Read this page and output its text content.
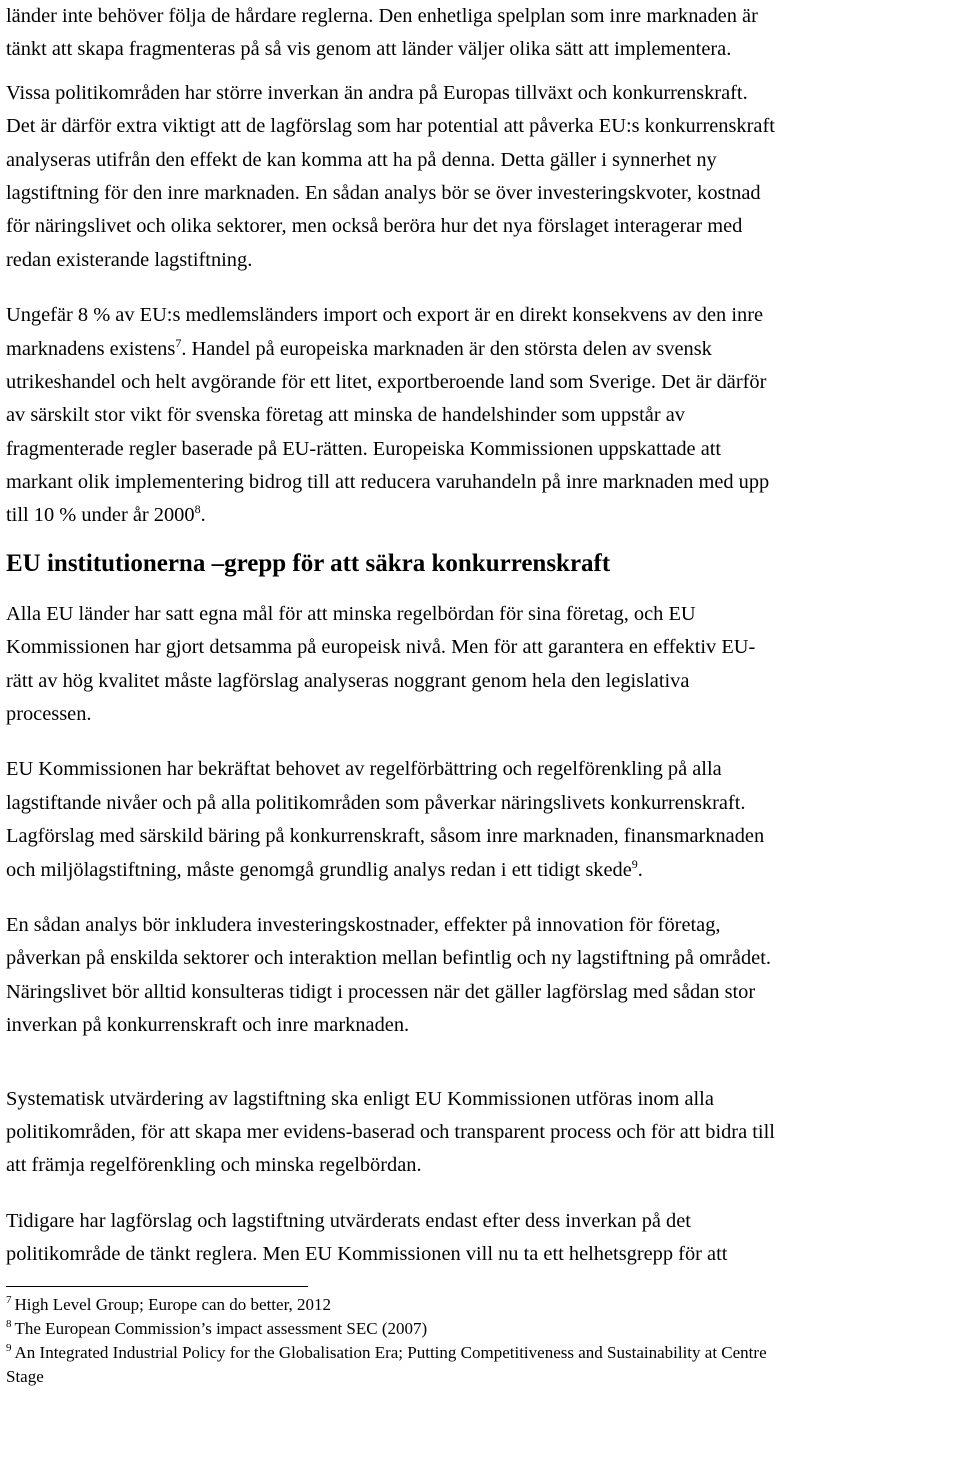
länder inte behöver följa de hårdare reglerna. Den enhetliga spelplan som inre marknaden är
tänkt att skapa fragmenteras på så vis genom att länder väljer olika sätt att implementera.
Vissa politikområden har större inverkan än andra på Europas tillväxt och konkurrenskraft.
Det är därför extra viktigt att de lagförslag som har potential att påverka EU:s konkurrenskraft
analyseras utifrån den effekt de kan komma att ha på denna. Detta gäller i synnerhet ny
lagstiftning för den inre marknaden. En sådan analys bör se över investeringskvoter, kostnad
för näringslivet och olika sektorer, men också beröra hur det nya förslaget interagerar med
redan existerande lagstiftning.
Ungefär 8 % av EU:s medlemsländers import och export är en direkt konsekvens av den inre
marknadens existens$^7$. Handel på europeiska marknaden är den största delen av svensk
utrikeshandel och helt avgörande för ett litet, exportberoende land som Sverige. Det är därför
av särskilt stor vikt för svenska företag att minska de handelshinder som uppstår av
fragmenterade regler baserade på EU-rätten. Europeiska Kommissionen uppskattade att
markant olik implementering bidrog till att reducera varuhandeln på inre marknaden med upp
till 10 % under år 2000$^8$.
EU institutionerna –grepp för att säkra konkurrenskraft
Alla EU länder har satt egna mål för att minska regelbördan för sina företag, och EU
Kommissionen har gjort detsamma på europeisk nivå. Men för att garantera en effektiv EU-
rätt av hög kvalitet måste lagförslag analyseras noggrant genom hela den legislativa
processen.
EU Kommissionen har bekräftat behovet av regelförbättring och regelförenkling på alla
lagstiftande nivåer och på alla politikområden som påverkar näringslivets konkurrenskraft.
Lagförslag med särskild bäring på konkurrenskraft, såsom inre marknaden, finansmarknaden
och miljölagstiftning, måste genomgå grundlig analys redan i ett tidigt skede$^9$.
En sådan analys bör inkludera investeringskostnader, effekter på innovation för företag,
påverkan på enskilda sektorer och interaktion mellan befintlig och ny lagstiftning på området.
Näringslivet bör alltid konsulteras tidigt i processen när det gäller lagförslag med sådan stor
inverkan på konkurrenskraft och inre marknaden.
Systematisk utvärdering av lagstiftning ska enligt EU Kommissionen utföras inom alla
politikområden, för att skapa mer evidens-baserad och transparent process och för att bidra till
att främja regelförenkling och minska regelbördan.
Tidigare har lagförslag och lagstiftning utvärderats endast efter dess inverkan på det
politikområde de tänkt reglera. Men EU Kommissionen vill nu ta ett helhetsgrepp för att
$^7$ High Level Group; Europe can do better, 2012
$^8$ The European Commission’s impact assessment SEC (2007)
$^9$ An Integrated Industrial Policy for the Globalisation Era; Putting Competitiveness and Sustainability at Centre
Stage
